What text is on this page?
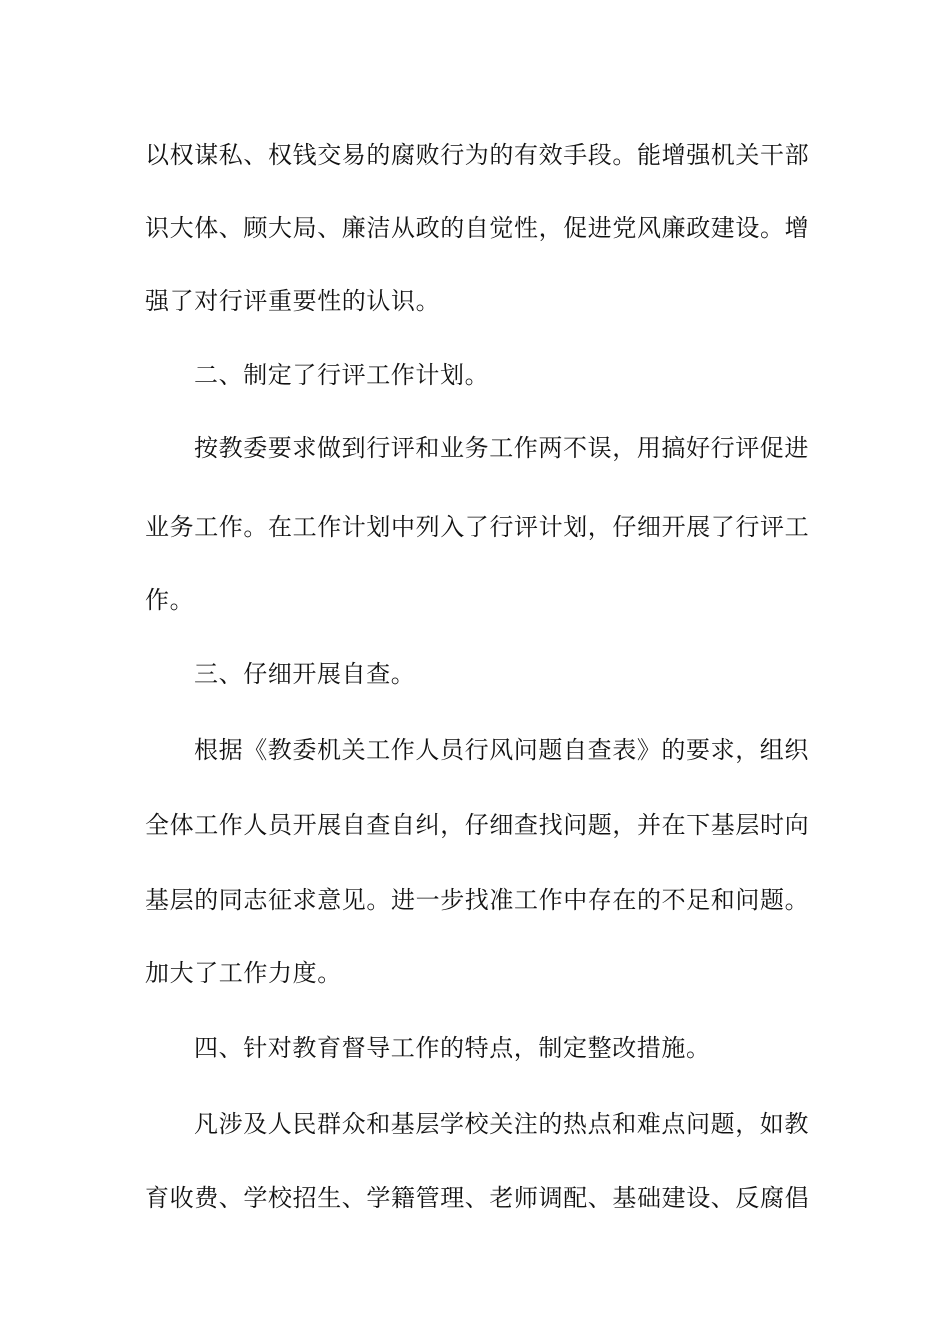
以权谋私、权钱交易的腐败行为的有效手段。能增强机关干部
识大体、顾大局、廉洁从政的自觉性，促进党风廉政建设。增
强了对行评重要性的认识。
二、制定了行评工作计划。
按教委要求做到行评和业务工作两不误，用搞好行评促进
业务工作。在工作计划中列入了行评计划，仔细开展了行评工
作。
三、仔细开展自查。
根据《教委机关工作人员行风问题自查表》的要求，组织
全体工作人员开展自查自纠，仔细查找问题，并在下基层时向
基层的同志征求意见。进一步找准工作中存在的不足和问题。
加大了工作力度。
四、针对教育督导工作的特点，制定整改措施。
凡涉及人民群众和基层学校关注的热点和难点问题，如教
育收费、学校招生、学籍管理、老师调配、基础建设、反腐倡
